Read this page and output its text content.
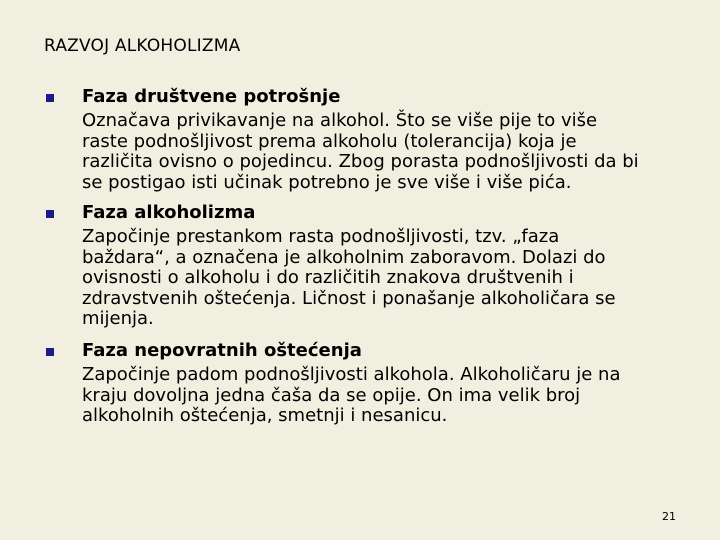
RAZVOJ ALKOHOLIZMA
Faza društvene potrošnje
Označava privikavanje na alkohol. Što se više pije to više
raste podnošljivost prema alkoholu (tolerancija) koja je
različita ovisno o pojedincu. Zbog porasta podnošljivosti da bi
se postigao isti učinak potrebno je sve više i više pića.
Faza alkoholizma
Započinje prestankom rasta podnošljivosti, tzv. „faza
baždara“, a označena je alkoholnim zaboravom. Dolazi do
ovisnosti o alkoholu i do različitih znakova društvenih i
zdravstvenih oštećenja. Ličnost i ponašanje alkoholičara se
mijenja.
Faza nepovratnih oštećenja
Započinje padom podnošljivosti alkohola. Alkoholičaru je na
kraju dovoljna jedna čaša da se opije. On ima velik broj
alkoholnih oštećenja, smetnji i nesanicu.
21
